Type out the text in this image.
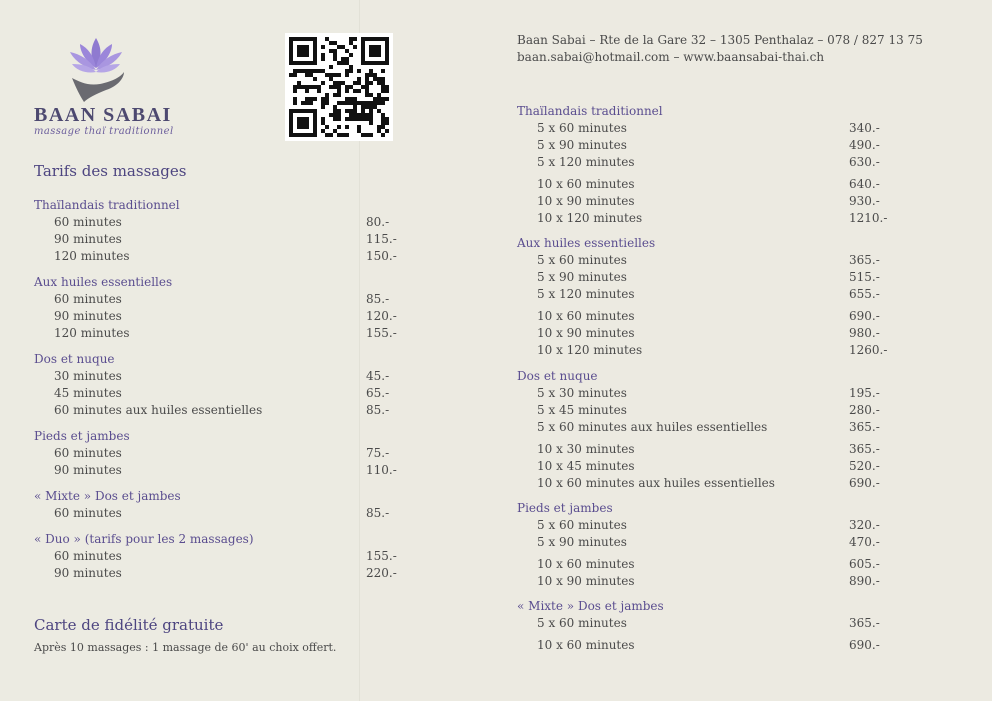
BAAN SABAI
massage thaï traditionnel
Tarifs des massages
Thaïlandais traditionnel
60 minutes	80.-
90 minutes	115.-
120 minutes	150.-
Aux huiles essentielles
60 minutes	85.-
90 minutes	120.-
120 minutes	155.-
Dos et nuque
30 minutes	45.-
45 minutes	65.-
60 minutes aux huiles essentielles	85.-
Pieds et jambes
60 minutes	75.-
90 minutes	110.-
« Mixte » Dos et jambes
60 minutes	85.-
« Duo » (tarifs pour les 2 massages)
60 minutes	155.-
90 minutes	220.-
Baan Sabai – Rte de la Gare 32 – 1305 Penthalaz – 078 / 827 13 75
baan.sabai@hotmail.com – www.baansabai-thai.ch
Thaïlandais traditionnel
5 x 60 minutes	340.-
5 x 90 minutes	490.-
5 x 120 minutes	630.-
10 x 60 minutes	640.-
10 x 90 minutes	930.-
10 x 120 minutes	1210.-
Aux huiles essentielles
5 x 60 minutes	365.-
5 x 90 minutes	515.-
5 x 120 minutes	655.-
10 x 60 minutes	690.-
10 x 90 minutes	980.-
10 x 120 minutes	1260.-
Dos et nuque
5 x 30 minutes	195.-
5 x 45 minutes	280.-
5 x 60 minutes aux huiles essentielles	365.-
10 x 30 minutes	365.-
10 x 45 minutes	520.-
10 x 60 minutes aux huiles essentielles	690.-
Pieds et jambes
5 x 60 minutes	320.-
5 x 90 minutes	470.-
10 x 60 minutes	605.-
10 x 90 minutes	890.-
« Mixte » Dos et jambes
5 x 60 minutes	365.-
10 x 60 minutes	690.-
Carte de fidélité gratuite
Après 10 massages : 1 massage de 60' au choix offert.
